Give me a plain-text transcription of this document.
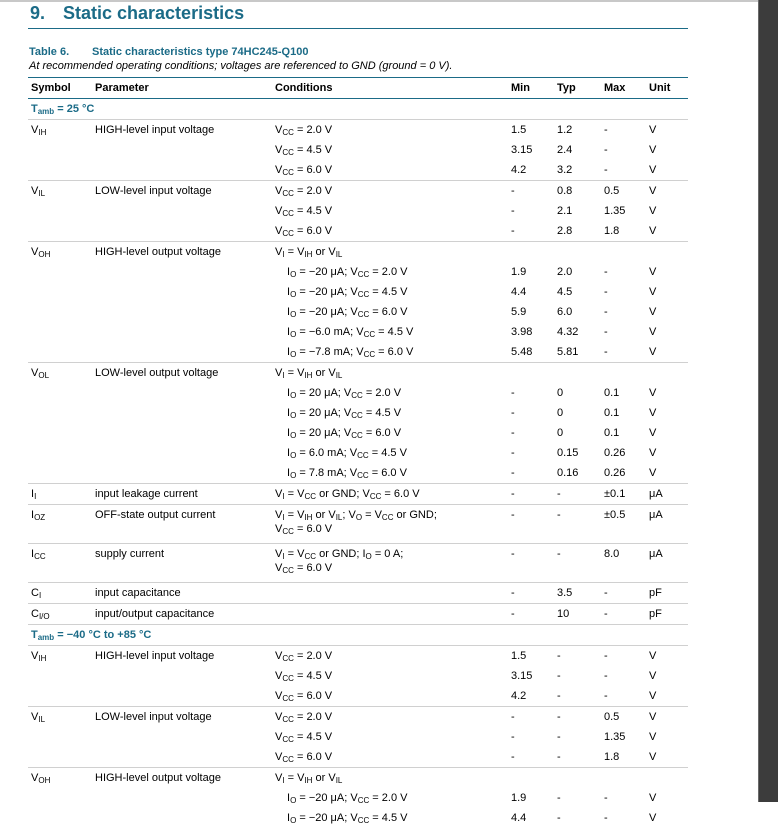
9. Static characteristics
Table 6. Static characteristics type 74HC245-Q100
At recommended operating conditions; voltages are referenced to GND (ground = 0 V).
Symbol	Parameter	Conditions	Min	Typ	Max	Unit
$T_{amb} = 25$ °C						
$V_{IH}$	HIGH-level input voltage	$V_{CC} = 2.0$ V	1.5	1.2	-	V
		$V_{CC} = 4.5$ V	3.15	2.4	-	V
		$V_{CC} = 6.0$ V	4.2	3.2	-	V
$V_{IL}$	LOW-level input voltage	$V_{CC} = 2.0$ V	-	0.8	0.5	V
		$V_{CC} = 4.5$ V	-	2.1	1.35	V
		$V_{CC} = 6.0$ V	-	2.8	1.8	V
$V_{OH}$	HIGH-level output voltage	$V_I = V_{IH}$ or $V_{IL}$				
		$I_O = -20$ μA; $V_{CC} = 2.0$ V	1.9	2.0	-	V
		$I_O = -20$ μA; $V_{CC} = 4.5$ V	4.4	4.5	-	V
		$I_O = -20$ μA; $V_{CC} = 6.0$ V	5.9	6.0	-	V
		$I_O = -6.0$ mA; $V_{CC} = 4.5$ V	3.98	4.32	-	V
		$I_O = -7.8$ mA; $V_{CC} = 6.0$ V	5.48	5.81	-	V
$V_{OL}$	LOW-level output voltage	$V_I = V_{IH}$ or $V_{IL}$				
		$I_O = 20$ μA; $V_{CC} = 2.0$ V	-	0	0.1	V
		$I_O = 20$ μA; $V_{CC} = 4.5$ V	-	0	0.1	V
		$I_O = 20$ μA; $V_{CC} = 6.0$ V	-	0	0.1	V
		$I_O = 6.0$ mA; $V_{CC} = 4.5$ V	-	0.15	0.26	V
		$I_O = 7.8$ mA; $V_{CC} = 6.0$ V	-	0.16	0.26	V
$I_I$	input leakage current	$V_I = V_{CC}$ or GND; $V_{CC} = 6.0$ V	-	-	±0.1	μA
$I_{OZ}$	OFF-state output current	$V_I = V_{IH}$ or $V_{IL}$; $V_O = V_{CC}$ or GND;
$V_{CC} = 6.0$ V	-	-	±0.5	μA
$I_{CC}$	supply current	$V_I = V_{CC}$ or GND; $I_O = 0$ A;
$V_{CC} = 6.0$ V	-	-	8.0	μA
$C_I$	input capacitance		-	3.5	-	pF
$C_{I/O}$	input/output capacitance		-	10	-	pF
$T_{amb} = -40$ °C to +85 °C						
$V_{IH}$	HIGH-level input voltage	$V_{CC} = 2.0$ V	1.5	-	-	V
		$V_{CC} = 4.5$ V	3.15	-	-	V
		$V_{CC} = 6.0$ V	4.2	-	-	V
$V_{IL}$	LOW-level input voltage	$V_{CC} = 2.0$ V	-	-	0.5	V
		$V_{CC} = 4.5$ V	-	-	1.35	V
		$V_{CC} = 6.0$ V	-	-	1.8	V
$V_{OH}$	HIGH-level output voltage	$V_I = V_{IH}$ or $V_{IL}$				
		$I_O = -20$ μA; $V_{CC} = 2.0$ V	1.9	-	-	V
		$I_O = -20$ μA; $V_{CC} = 4.5$ V	4.4	-	-	V
